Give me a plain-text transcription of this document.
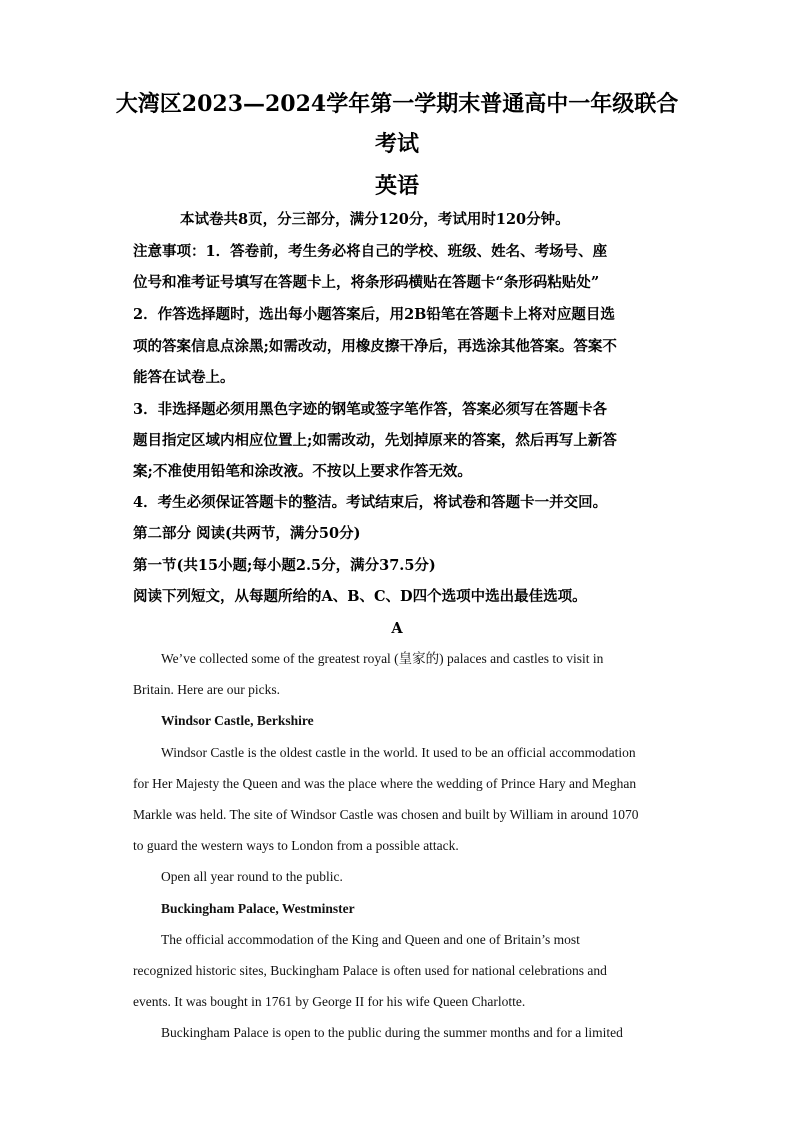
大湾区2023—2024学年第一学期末普通高中一年级联合
考试
英语
本试卷共8页，分三部分，满分120分，考试用时120分钟。
注意事项：1．答卷前，考生务必将自己的学校、班级、姓名、考场号、座
位号和准考证号填写在答题卡上，将条形码横贴在答题卡“条形码粘贴处”
2．作答选择题时，选出每小题答案后，用2B铅笔在答题卡上将对应题目选
项的答案信息点涂黑;如需改动，用橡皮擦干净后，再选涂其他答案。答案不
能答在试卷上。
3．非选择题必须用黑色字迹的钢笔或签字笔作答，答案必须写在答题卡各
题目指定区域内相应位置上;如需改动，先划掉原来的答案，然后再写上新答
案;不准使用铅笔和涂改液。不按以上要求作答无效。
4．考生必须保证答题卡的整洁。考试结束后，将试卷和答题卡一并交回。
第二部分 阅读(共两节，满分50分)
第一节(共15小题;每小题2.5分，满分37.5分)
阅读下列短文，从每题所给的A、B、C、D四个选项中选出最佳选项。
A
We’ve collected some of the greatest royal (皇家的) palaces and castles to visit in
Britain. Here are our picks.
Windsor Castle, Berkshire
Windsor Castle is the oldest castle in the world. It used to be an official accommodation
for Her Majesty the Queen and was the place where the wedding of Prince Hary and Meghan
Markle was held. The site of Windsor Castle was chosen and built by William in around 1070
to guard the western ways to London from a possible attack.
Open all year round to the public.
Buckingham Palace, Westminster
The official accommodation of the King and Queen and one of Britain’s most
recognized historic sites, Buckingham Palace is often used for national celebrations and
events. It was bought in 1761 by George II for his wife Queen Charlotte.
Buckingham Palace is open to the public during the summer months and for a limited
